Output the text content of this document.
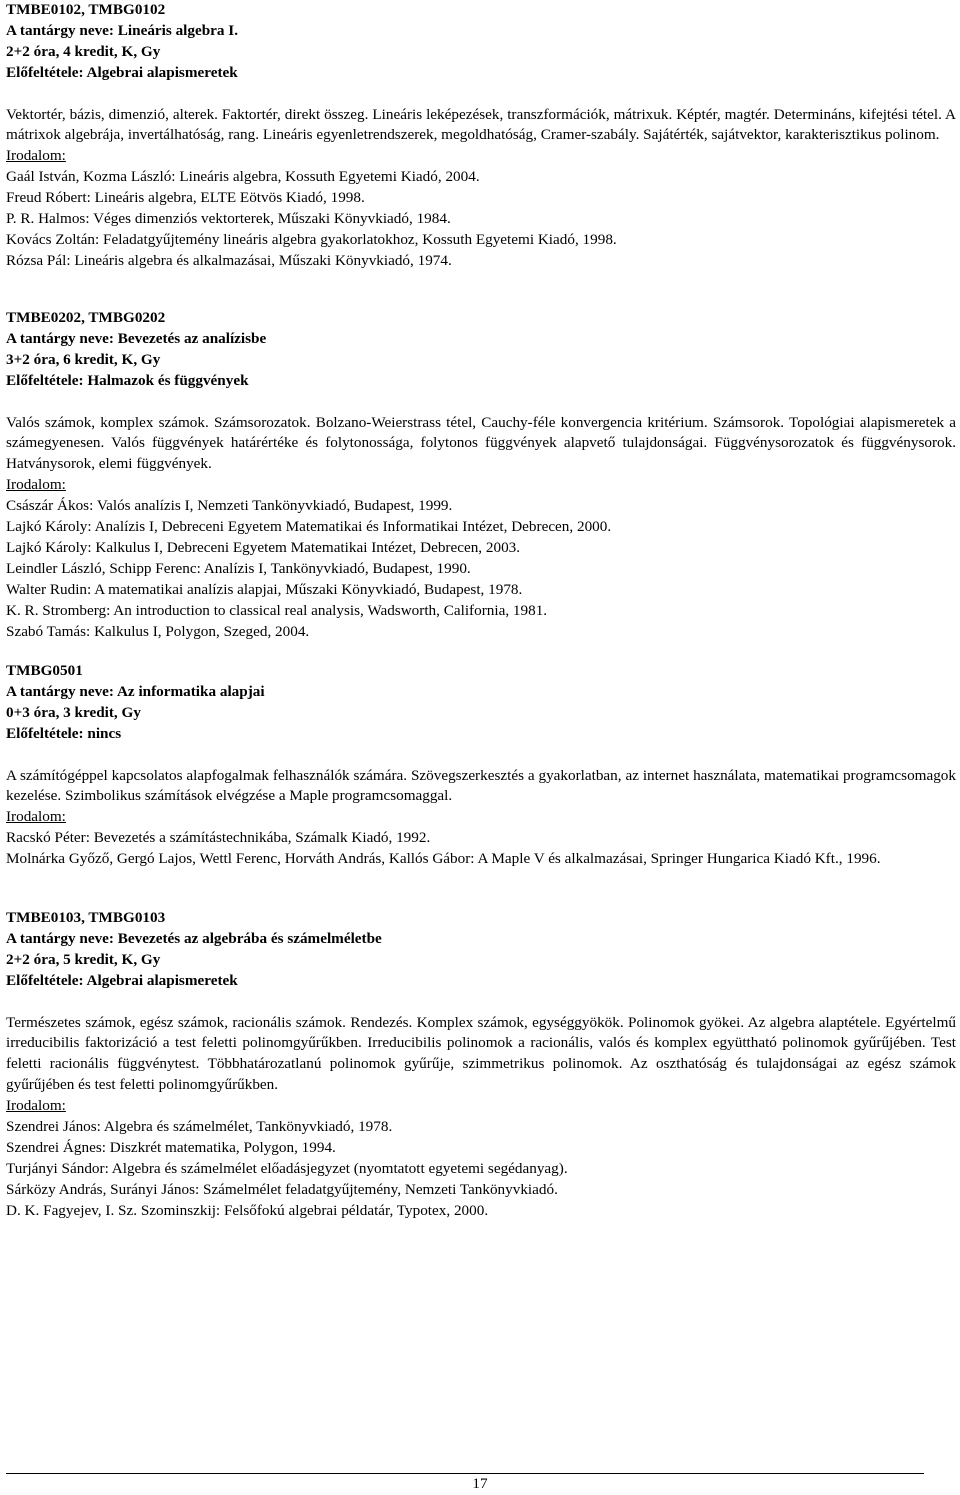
TMBE0102, TMBG0102

A tantárgy neve: Lineáris algebra I.

2+2 óra, 4 kredit, K, Gy

Előfeltétele: Algebrai alapismeretek

Vektortér, bázis, dimenzió, alterek. Faktortér, direkt összeg. Lineáris leképezések, transzformációk, mátrixuk. Képtér, magtér. Determináns, kifejtési tétel. A mátrixok algebrája, invertálhatóság, rang. Lineáris egyenletrendszerek, megoldhatóság, Cramer-szabály. Sajátérték, sajátvektor, karakterisztikus polinom.

Irodalom:

Gaál István, Kozma László: Lineáris algebra, Kossuth Egyetemi Kiadó, 2004.

Freud Róbert: Lineáris algebra, ELTE Eötvös Kiadó, 1998.

P. R. Halmos: Véges dimenziós vektorterek, Műszaki Könyvkiadó, 1984.

Kovács Zoltán: Feladatgyűjtemény lineáris algebra gyakorlatokhoz, Kossuth Egyetemi Kiadó, 1998.

Rózsa Pál: Lineáris algebra és alkalmazásai, Műszaki Könyvkiadó, 1974.

TMBE0202, TMBG0202

A tantárgy neve: Bevezetés az analízisbe

3+2 óra, 6 kredit, K, Gy

Előfeltétele: Halmazok és függvények

Valós számok, komplex számok. Számsorozatok. Bolzano-Weierstrass tétel, Cauchy-féle konvergencia kritérium. Számsorok. Topológiai alapismeretek a számegyenesen. Valós függvények határértéke és folytonossága, folytonos függvények alapvető tulajdonságai. Függvénysorozatok és függvénysorok. Hatványsorok, elemi függvények.

Irodalom:

Császár Ákos: Valós analízis I, Nemzeti Tankönyvkiadó, Budapest, 1999.

Lajkó Károly: Analízis I, Debreceni Egyetem Matematikai és Informatikai Intézet, Debrecen, 2000.

Lajkó Károly: Kalkulus I, Debreceni Egyetem Matematikai Intézet, Debrecen, 2003.

Leindler László, Schipp Ferenc: Analízis I, Tankönyvkiadó, Budapest, 1990.

Walter Rudin: A matematikai analízis alapjai, Műszaki Könyvkiadó, Budapest, 1978.

K. R. Stromberg: An introduction to classical real analysis, Wadsworth, California, 1981.

Szabó Tamás: Kalkulus I, Polygon, Szeged, 2004.

TMBG0501

A tantárgy neve: Az informatika alapjai

0+3 óra, 3 kredit, Gy

Előfeltétele: nincs

A számítógéppel kapcsolatos alapfogalmak felhasználók számára. Szövegszerkesztés a gyakorlatban, az internet használata, matematikai programcsomagok kezelése. Szimbolikus számítások elvégzése a Maple programcsomaggal.

Irodalom:

Racskó Péter: Bevezetés a számítástechnikába, Számalk Kiadó, 1992.

Molnárka Győző, Gergó Lajos, Wettl Ferenc, Horváth András, Kallós Gábor: A Maple V és alkalmazásai, Springer Hungarica Kiadó Kft., 1996.

TMBE0103, TMBG0103

A tantárgy neve: Bevezetés az algebrába és számelméletbe

2+2 óra, 5 kredit, K, Gy

Előfeltétele: Algebrai alapismeretek

Természetes számok, egész számok, racionális számok. Rendezés. Komplex számok, egységgyökök. Polinomok gyökei. Az algebra alaptétele. Egyértelmű irreducibilis faktorizáció a test feletti polinomgyűrűkben. Irreducibilis polinomok a racionális, valós és komplex együttható polinomok gyűrűjében. Test feletti racionális függvénytest. Többhatározatlanú polinomok gyűrűje, szimmetrikus polinomok. Az oszthatóság és tulajdonságai az egész számok gyűrűjében és test feletti polinomgyűrűkben.

Irodalom:

Szendrei János: Algebra és számelmélet, Tankönyvkiadó, 1978.

Szendrei Ágnes: Diszkrét matematika, Polygon, 1994.

Turjányi Sándor: Algebra és számelmélet előadásjegyzet (nyomtatott egyetemi segédanyag).

Sárközy András, Surányi János: Számelmélet feladatgyűjtemény, Nemzeti Tankönyvkiadó.

D. K. Fagyejev, I. Sz. Szominszkij: Felsőfokú algebrai példatár, Typotex, 2000.

17
